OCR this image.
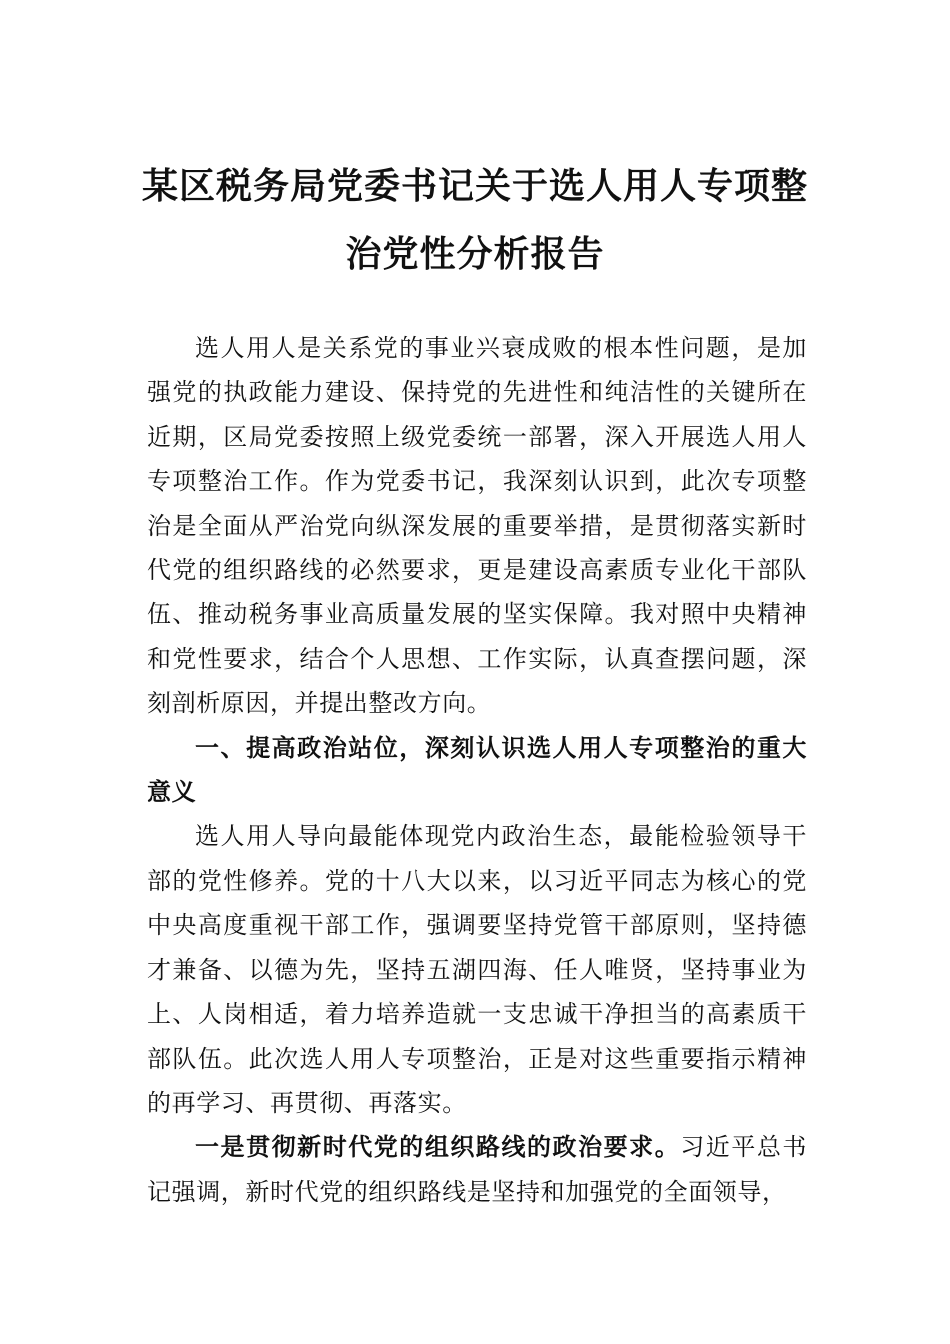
某区税务局党委书记关于选人用人专项整
治党性分析报告

选人用人是关系党的事业兴衰成败的根本性问题，是加强党的执政能力建设、保持党的先进性和纯洁性的关键所在近期，区局党委按照上级党委统一部署，深入开展选人用人专项整治工作。作为党委书记，我深刻认识到，此次专项整治是全面从严治党向纵深发展的重要举措，是贯彻落实新时代党的组织路线的必然要求，更是建设高素质专业化干部队伍、推动税务事业高质量发展的坚实保障。我对照中央精神和党性要求，结合个人思想、工作实际，认真查摆问题，深刻剖析原因，并提出整改方向。

一、提高政治站位，深刻认识选人用人专项整治的重大意义

选人用人导向最能体现党内政治生态，最能检验领导干部的党性修养。党的十八大以来，以习近平同志为核心的党中央高度重视干部工作，强调要坚持党管干部原则，坚持德才兼备、以德为先，坚持五湖四海、任人唯贤，坚持事业为上、人岗相适，着力培养造就一支忠诚干净担当的高素质干部队伍。此次选人用人专项整治，正是对这些重要指示精神的再学习、再贯彻、再落实。

一是贯彻新时代党的组织路线的政治要求。习近平总书记强调，新时代党的组织路线是坚持和加强党的全面领导，
